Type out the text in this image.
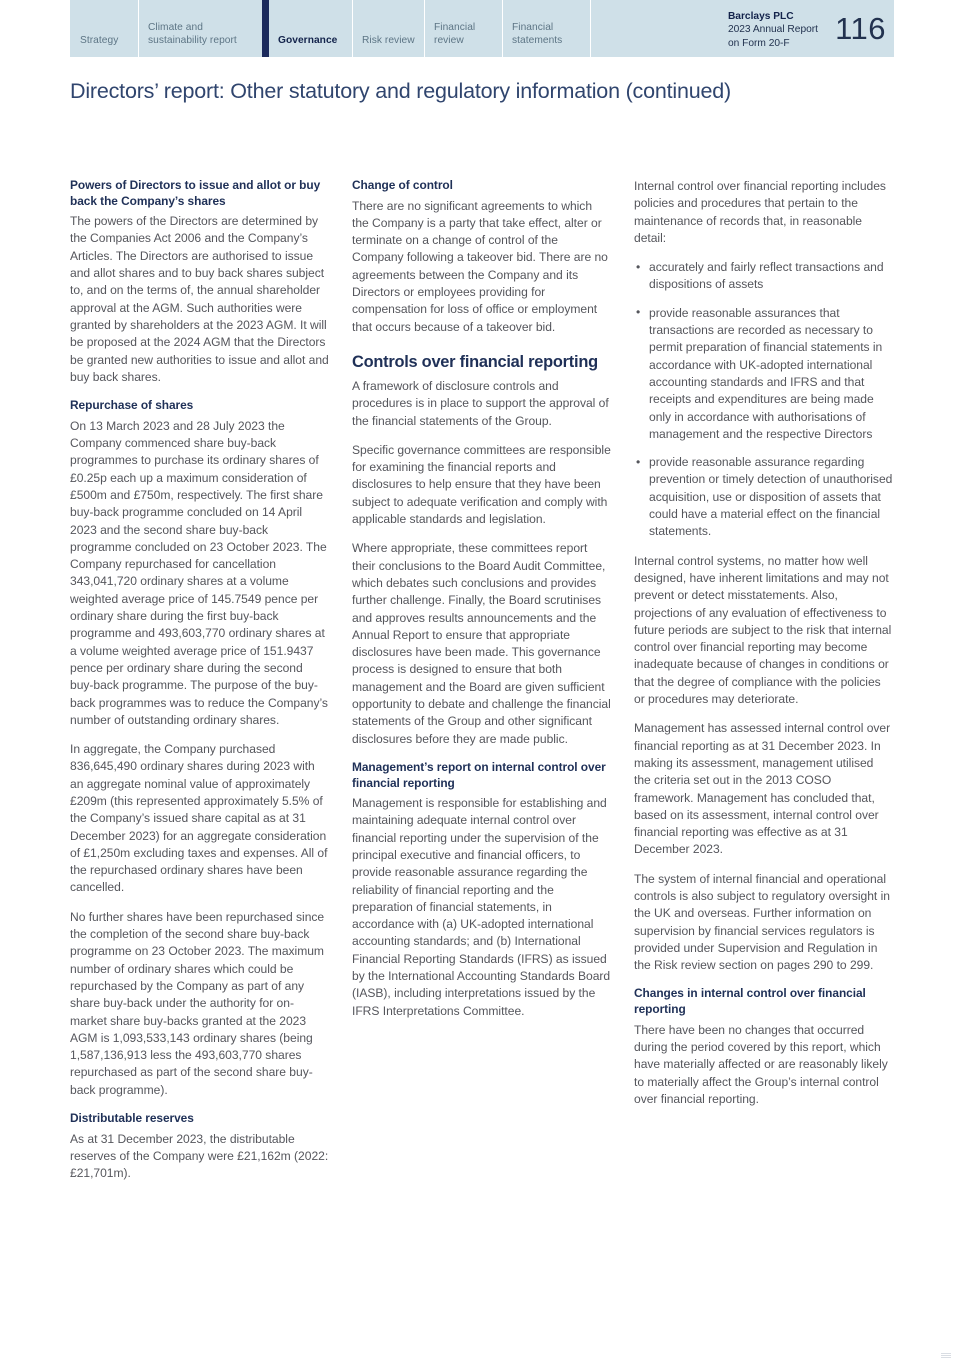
Strategy
Climate and sustainability report	Governance Risk review
Financial review
Financial statements
Barclays PLC
2023 Annual Report
on Form 20-F	116
Directors’ report: Other statutory and regulatory information (continued)
Powers of Directors to issue and allot or buy back the Company’s shares

The powers of the Directors are determined by the Companies Act 2006 and the Company’s Articles. The Directors are authorised to issue and allot shares and to buy back shares subject to, and on the terms of, the annual shareholder approval at the AGM. Such authorities were granted by shareholders at the 2023 AGM. It will be proposed at the 2024 AGM that the Directors be granted new authorities to issue and allot and buy back shares.

Repurchase of shares

On 13 March 2023 and 28 July 2023 the Company commenced share buy-back programmes to purchase its ordinary shares of £0.25p each up a maximum consideration of £500m and £750m, respectively. The first share buy-back programme concluded on 14 April 2023 and the second share buy-back programme concluded on 23 October 2023. The Company repurchased for cancellation 343,041,720 ordinary shares at a volume weighted average price of 145.7549 pence per ordinary share during the first buy-back programme and 493,603,770 ordinary shares at a volume weighted average price of 151.9437 pence per ordinary share during the second buy-back programme. The purpose of the buy-back programmes was to reduce the Company’s number of outstanding ordinary shares.

In aggregate, the Company purchased 836,645,490 ordinary shares during 2023 with an aggregate nominal value of approximately £209m (this represented approximately 5.5% of the Company’s issued share capital as at 31 December 2023) for an aggregate consideration of £1,250m excluding taxes and expenses. All of the repurchased ordinary shares have been cancelled.

No further shares have been repurchased since the completion of the second share buy-back programme on 23 October 2023. The maximum number of ordinary shares which could be repurchased by the Company as part of any share buy-back under the authority for on-market share buy-backs granted at the 2023 AGM is 1,093,533,143 ordinary shares (being 1,587,136,913 less the 493,603,770 shares repurchased as part of the second share buy-back programme).

Distributable reserves

As at 31 December 2023, the distributable reserves of the Company were £21,162m (2022: £21,701m).

Change of control

There are no significant agreements to which the Company is a party that take effect, alter or terminate on a change of control of the Company following a takeover bid. There are no agreements between the Company and its Directors or employees providing for compensation for loss of office or employment that occurs because of a takeover bid.

Controls over financial reporting

A framework of disclosure controls and procedures is in place to support the approval of the financial statements of the Group.

Specific governance committees are responsible for examining the financial reports and disclosures to help ensure that they have been subject to adequate verification and comply with applicable standards and legislation.

Where appropriate, these committees report their conclusions to the Board Audit Committee, which debates such conclusions and provides further challenge. Finally, the Board scrutinises and approves results announcements and the Annual Report to ensure that appropriate disclosures have been made. This governance process is designed to ensure that both management and the Board are given sufficient opportunity to debate and challenge the financial statements of the Group and other significant disclosures before they are made public.

Management’s report on internal control over financial reporting

Management is responsible for establishing and maintaining adequate internal control over financial reporting under the supervision of the principal executive and financial officers, to provide reasonable assurance regarding the reliability of financial reporting and the preparation of financial statements, in accordance with (a) UK-adopted international accounting standards; and (b) International Financial Reporting Standards (IFRS) as issued by the International Accounting Standards Board (IASB), including interpretations issued by the IFRS Interpretations Committee.

Internal control over financial reporting includes policies and procedures that pertain to the maintenance of records that, in reasonable detail:

• accurately and fairly reflect transactions and dispositions of assets
• provide reasonable assurances that transactions are recorded as necessary to permit preparation of financial statements in accordance with UK-adopted international accounting standards and IFRS and that receipts and expenditures are being made only in accordance with authorisations of management and the respective Directors
• provide reasonable assurance regarding prevention or timely detection of unauthorised acquisition, use or disposition of assets that could have a material effect on the financial statements.

Internal control systems, no matter how well designed, have inherent limitations and may not prevent or detect misstatements. Also, projections of any evaluation of effectiveness to future periods are subject to the risk that internal control over financial reporting may become inadequate because of changes in conditions or that the degree of compliance with the policies or procedures may deteriorate.

Management has assessed internal control over financial reporting as at 31 December 2023. In making its assessment, management utilised the criteria set out in the 2013 COSO framework. Management has concluded that, based on its assessment, internal control over financial reporting was effective as at 31 December 2023.

The system of internal financial and operational controls is also subject to regulatory oversight in the UK and overseas. Further information on supervision by financial services regulators is provided under Supervision and Regulation in the Risk review section on pages 290 to 299.

Changes in internal control over financial reporting

There have been no changes that occurred during the period covered by this report, which have materially affected or are reasonably likely to materially affect the Group’s internal control over financial reporting.
